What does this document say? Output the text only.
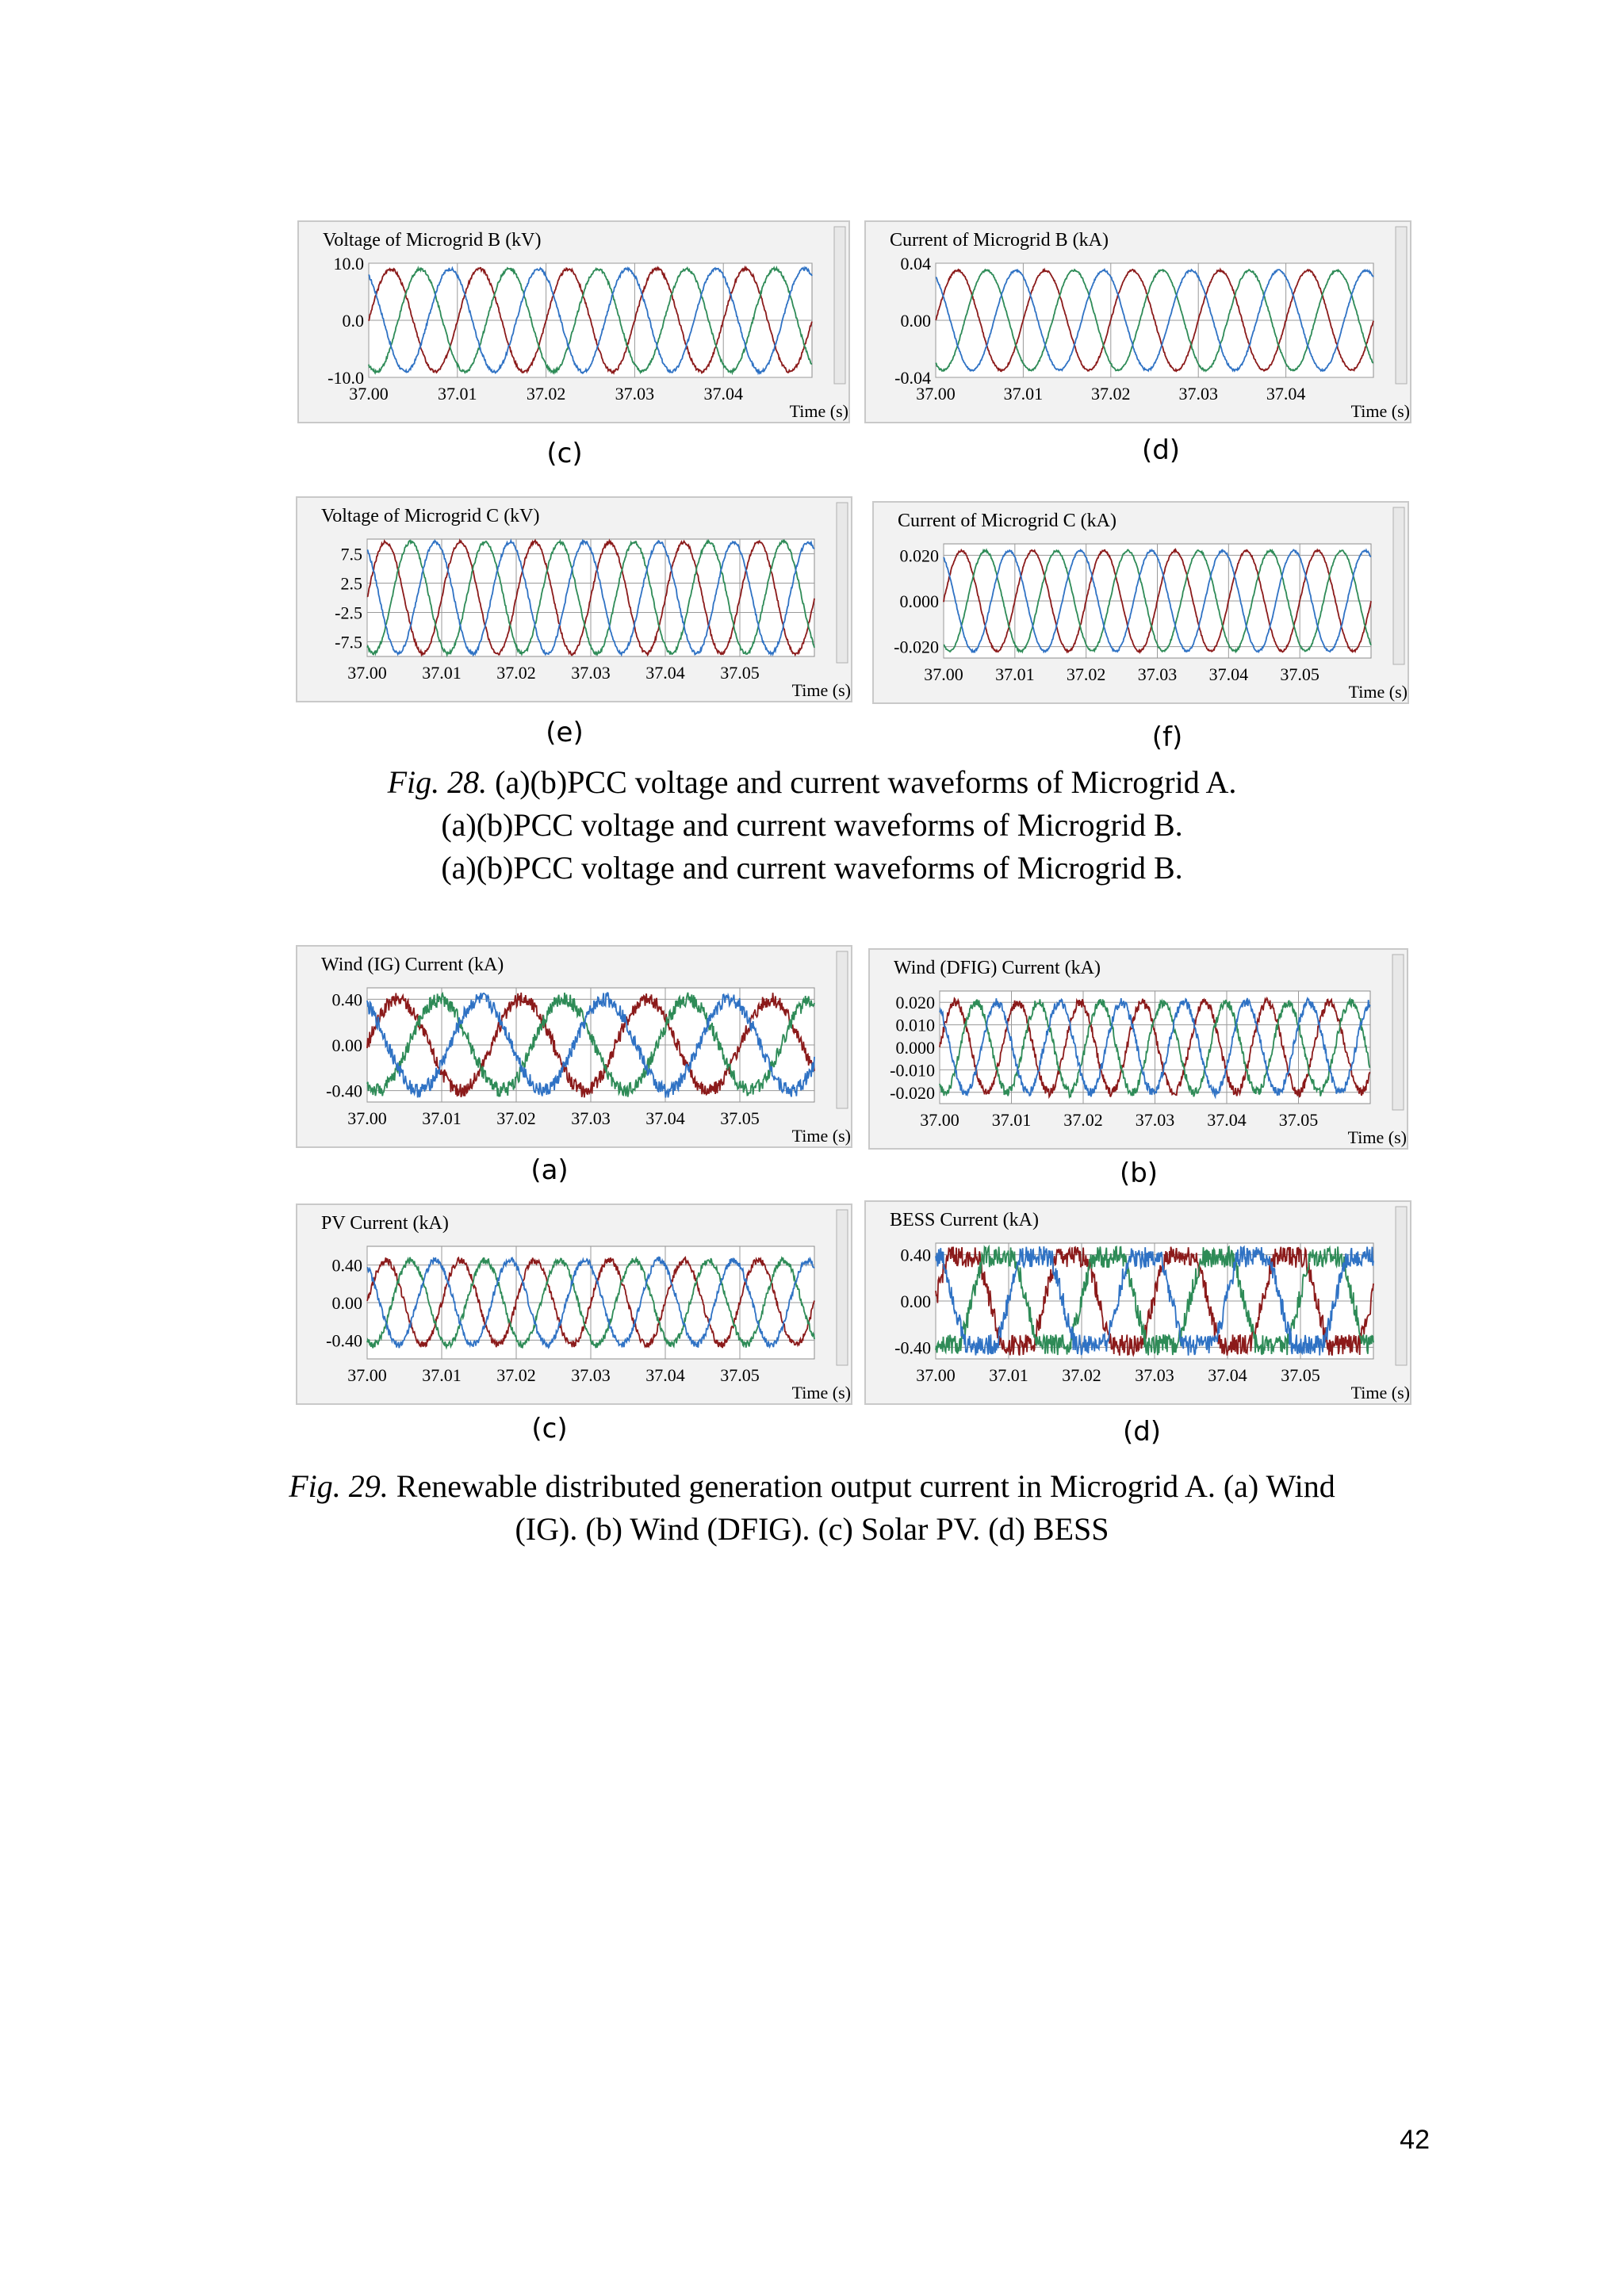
Voltage of Microgrid B (kV)
37.00	37.01	37.02	37.03	37.04
10.0
0.0
-10.0
Time (s)
(c)
Current of Microgrid B (kA)
37.00	37.01	37.02	37.03	37.04
0.04
0.00
-0.04
Time (s)
(d)
Voltage of Microgrid C (kV)
37.00 37.01 37.02 37.03 37.04 37.05
7.5
2.5
-2.5
-7.5
Time (s)
(e)
Current of Microgrid C (kA)
37.00 37.01 37.02 37.03 37.04 37.05
0.020
0.000
-0.020
Time (s)
(f)
Fig. 28. (a)(b)PCC voltage and current waveforms of Microgrid A.
(a)(b)PCC voltage and current waveforms of Microgrid B.
(a)(b)PCC voltage and current waveforms of Microgrid B.
Wind (IG) Current (kA)
37.00 37.01 37.02 37.03 37.04 37.05
0.40
0.00
-0.40
Time (s)
(a)
Wind (DFIG) Current (kA)
37.00 37.01 37.02 37.03 37.04 37.05
0.020
0.010
0.000
-0.010
-0.020
Time (s)
(b)
PV Current (kA)
37.00 37.01 37.02 37.03 37.04 37.05
0.40
0.00
-0.40
Time (s)
(c)
BESS Current (kA)
37.00 37.01 37.02 37.03 37.04 37.05
0.40
0.00
-0.40
Time (s)
(d)
Fig. 29. Renewable distributed generation output current in Microgrid A. (a) Wind
(IG). (b) Wind (DFIG). (c) Solar PV. (d) BESS
42
